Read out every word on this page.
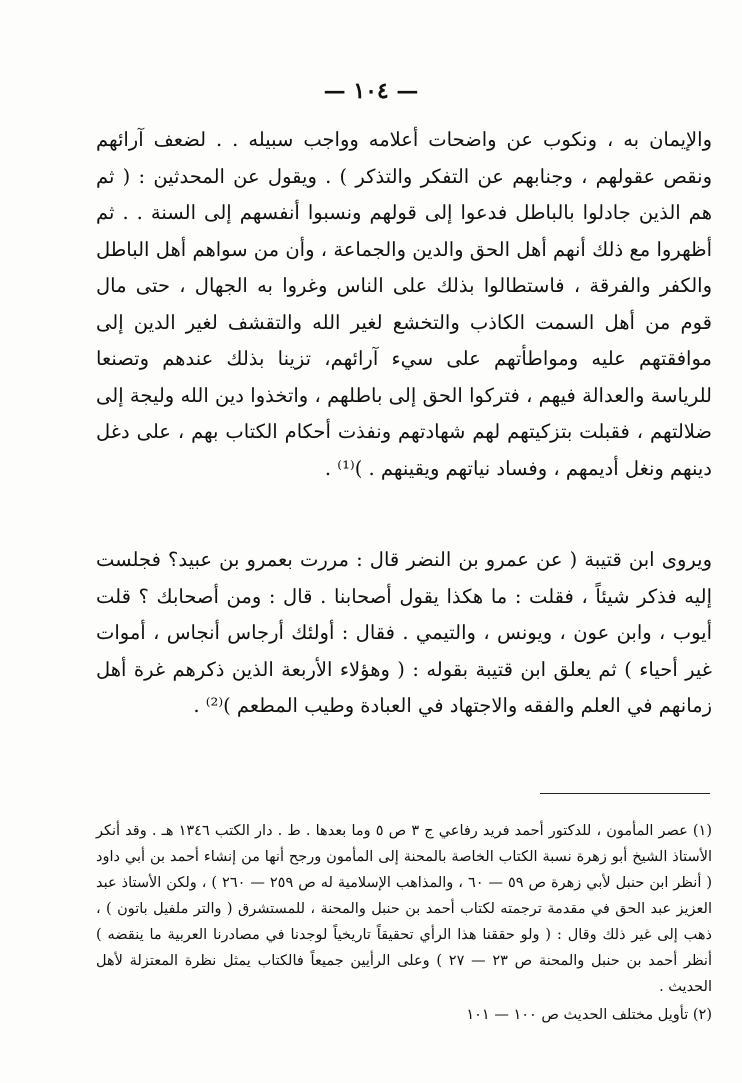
— ١٠٤ —

والإيمان به ، ونكوب عن واضحات أعلامه وواجب سبيله . . لضعف آرائهم ونقص عقولهم ، وجنابهم عن التفكر والتذكر ) . ويقول عن المحدثين : ( ثم هم الذين جادلوا بالباطل فدعوا إلى قولهم ونسبوا أنفسهم إلى السنة . . ثم أظهروا مع ذلك أنهم أهل الحق والدين والجماعة ، وأن من سواهم أهل الباطل والكفر والفرقة ، فاستطالوا بذلك على الناس وغروا به الجهال ، حتى مال قوم من أهل السمت الكاذب والتخشع لغير الله والتقشف لغير الدين إلى موافقتهم عليه ومواطأتهم على سيء آرائهم، تزينا بذلك عندهم وتصنعا للرياسة والعدالة فيهم ، فتركوا الحق إلى باطلهم ، واتخذوا دين الله وليجة إلى ضلالتهم ، فقبلت بتزكيتهم لهم شهادتهم ونفذت أحكام الكتاب بهم ، على دغل دينهم ونغل أديمهم ، وفساد نياتهم ويقينهم . )⁽¹⁾ .

ويروى ابن قتيبة ( عن عمرو بن النضر قال : مررت بعمرو بن عبيد؟ فجلست إليه فذكر شيئاً ، فقلت : ما هكذا يقول أصحابنا . قال : ومن أصحابك ؟ قلت أيوب ، وابن عون ، ويونس ، والتيمي . فقال : أولئك أرجاس أنجاس ، أموات غير أحياء ) ثم يعلق ابن قتيبة بقوله : ( وهؤلاء الأربعة الذين ذكرهم غرة أهل زمانهم في العلم والفقه والاجتهاد في العبادة وطيب المطعم )⁽²⁾ .

(١) عصر المأمون ، للدكتور أحمد فريد رفاعي ج ٣ ص ٥ وما بعدها . ط . دار الكتب ١٣٤٦ هـ . وقد أنكر الأستاذ الشيخ أبو زهرة نسبة الكتاب الخاصة بالمحنة إلى المأمون ورجح أنها من إنشاء أحمد بن أبي داود ( أنظر ابن حنبل لأبي زهرة ص ٥٩ — ٦٠ ، والمذاهب الإسلامية له ص ٢٥٩ — ٢٦٠ ) ، ولكن الأستاذ عبد العزيز عبد الحق في مقدمة ترجمته لكتاب أحمد بن حنبل والمحنة ، للمستشرق ( والتر ملفيل باتون ) ، ذهب إلى غير ذلك وقال : ( ولو حققنا هذا الرأي تحقيقاً تاريخياً لوجدنا في مصادرنا العربية ما ينقضه ) أنظر أحمد بن حنبل والمحنة ص ٢٣ — ٢٧ ) وعلى الرأيين جميعاً فالكتاب يمثل نظرة المعتزلة لأهل الحديث .

(٢) تأويل مختلف الحديث ص ١٠٠ — ١٠١
